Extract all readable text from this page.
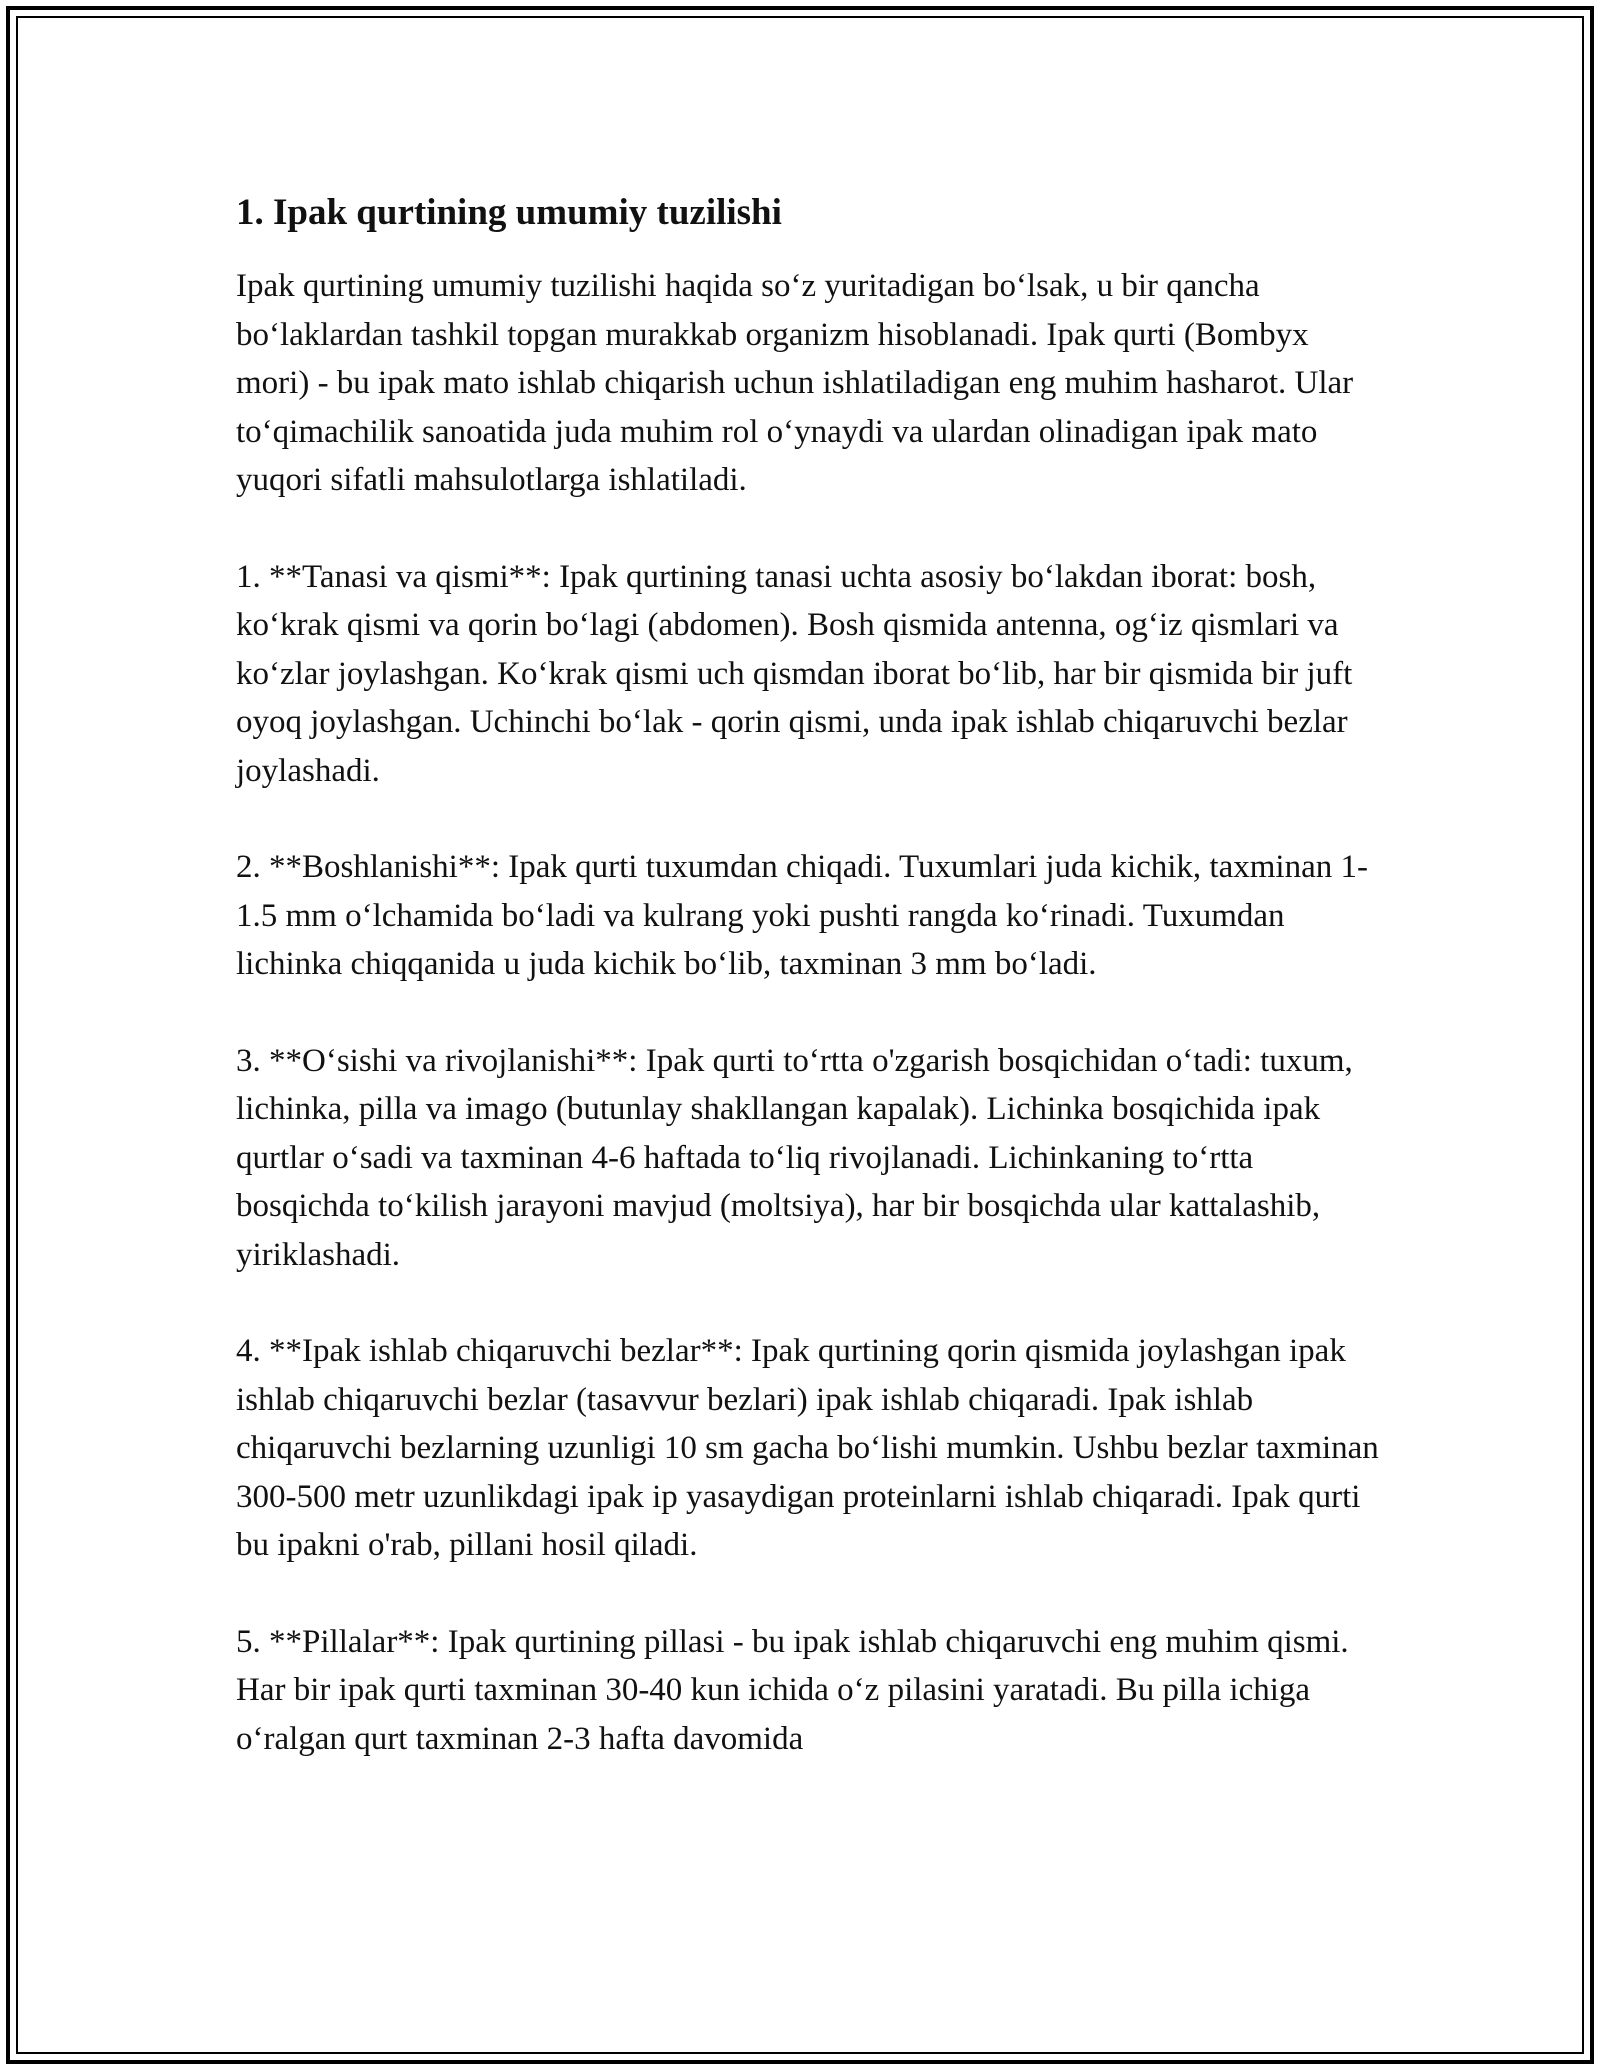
1. Ipak qurtining umumiy tuzilishi

Ipak qurtining umumiy tuzilishi haqida so‘z yuritadigan bo‘lsak, u bir qancha bo‘laklardan tashkil topgan murakkab organizm hisoblanadi. Ipak qurti (Bombyx mori) - bu ipak mato ishlab chiqarish uchun ishlatiladigan eng muhim hasharot. Ular to‘qimachilik sanoatida juda muhim rol o‘ynaydi va ulardan olinadigan ipak mato yuqori sifatli mahsulotlarga ishlatiladi.

1. **Tanasi va qismi**: Ipak qurtining tanasi uchta asosiy bo‘lakdan iborat: bosh, ko‘krak qismi va qorin bo‘lagi (abdomen). Bosh qismida antenna, og‘iz qismlari va ko‘zlar joylashgan. Ko‘krak qismi uch qismdan iborat bo‘lib, har bir qismida bir juft oyoq joylashgan. Uchinchi bo‘lak - qorin qismi, unda ipak ishlab chiqaruvchi bezlar joylashadi.

2. **Boshlanishi**: Ipak qurti tuxumdan chiqadi. Tuxumlari juda kichik, taxminan 1-1.5 mm o‘lchamida bo‘ladi va kulrang yoki pushti rangda ko‘rinadi. Tuxumdan lichinka chiqqanida u juda kichik bo‘lib, taxminan 3 mm bo‘ladi.

3. **O‘sishi va rivojlanishi**: Ipak qurti to‘rtta o'zgarish bosqichidan o‘tadi: tuxum, lichinka, pilla va imago (butunlay shakllangan kapalak). Lichinka bosqichida ipak qurtlar o‘sadi va taxminan 4-6 haftada to‘liq rivojlanadi. Lichinkaning to‘rtta bosqichda to‘kilish jarayoni mavjud (moltsiya), har bir bosqichda ular kattalashib, yiriklashadi.

4. **Ipak ishlab chiqaruvchi bezlar**: Ipak qurtining qorin qismida joylashgan ipak ishlab chiqaruvchi bezlar (tasavvur bezlari) ipak ishlab chiqaradi. Ipak ishlab chiqaruvchi bezlarning uzunligi 10 sm gacha bo‘lishi mumkin. Ushbu bezlar taxminan 300-500 metr uzunlikdagi ipak ip yasaydigan proteinlarni ishlab chiqaradi. Ipak qurti bu ipakni o'rab, pillani hosil qiladi.

5. **Pillalar**: Ipak qurtining pillasi - bu ipak ishlab chiqaruvchi eng muhim qismi. Har bir ipak qurti taxminan 30-40 kun ichida o‘z pilasini yaratadi. Bu pilla ichiga o‘ralgan qurt taxminan 2-3 hafta davomida
